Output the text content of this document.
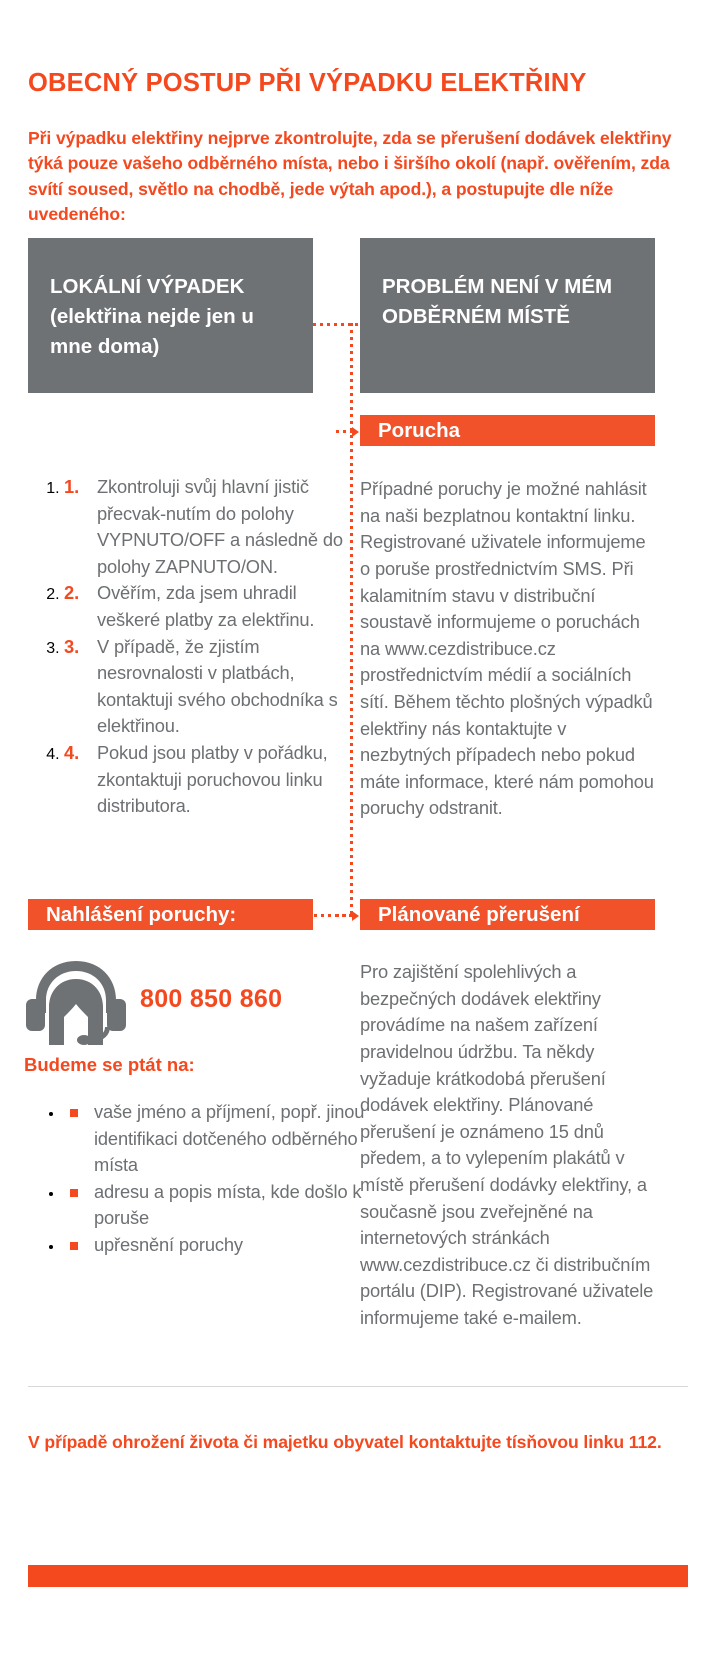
OBECNÝ POSTUP PŘI VÝPADKU ELEKTŘINY

Při výpadku elektřiny nejprve zkontrolujte, zda se přerušení dodávek elektřiny týká pouze vašeho odběrného místa, nebo i širšího okolí (např. ověřením, zda svítí soused, světlo na chodbě, jede výtah apod.), a postupujte dle níže uvedeného:

LOKÁLNÍ VÝPADEK (elektřina nejde jen u mne doma)
PROBLÉM NENÍ V MÉM ODBĚRNÉM MÍSTĚ
1. 1. Zkontroluji svůj hlavní jistič přecvak-nutím do polohy VYPNUTO/OFF a následně do polohy ZAPNUTO/ON.
2. 2. Ověřím, zda jsem uhradil veškeré platby za elektřinu.
3. 3. V případě, že zjistím nesrovnalosti v platbách, kontaktuji svého obchodníka s elektřinou.
4. 4. Pokud jsou platby v pořádku, zkontaktuji poruchovou linku distributora.
Porucha

Případné poruchy je možné nahlásit na naši bezplatnou kontaktní linku. Registrované uživatele informujeme o poruše prostřednictvím SMS. Při kalamitním stavu v distribuční soustavě informujeme o poruchách na www.cezdistribuce.cz prostřednictvím médií a sociálních sítí. Během těchto plošných výpadků elektřiny nás kontaktujte v nezbytných případech nebo pokud máte informace, které nám pomohou poruchy odstranit.

Nahlášení poruchy:
800 850 860
Budeme se ptát na:
• vaše jméno a příjmení, popř. jinou identifikaci dotčeného odběrného místa
• adresu a popis místa, kde došlo k poruše
• upřesnění poruchy
Plánované přerušení

Pro zajištění spolehlivých a bezpečných dodávek elektřiny provádíme na našem zařízení pravidelnou údržbu. Ta někdy vyžaduje krátkodobá přerušení dodávek elektřiny. Plánované přerušení je oznámeno 15 dnů předem, a to vylepením plakátů v místě přerušení dodávky elektřiny, a současně jsou zveřejněné na internetových stránkách www.cezdistribuce.cz či distribučním portálu (DIP). Registrované uživatele informujeme také e-mailem.

V případě ohrožení života či majetku obyvatel kontaktujte tísňovou linku 112.
